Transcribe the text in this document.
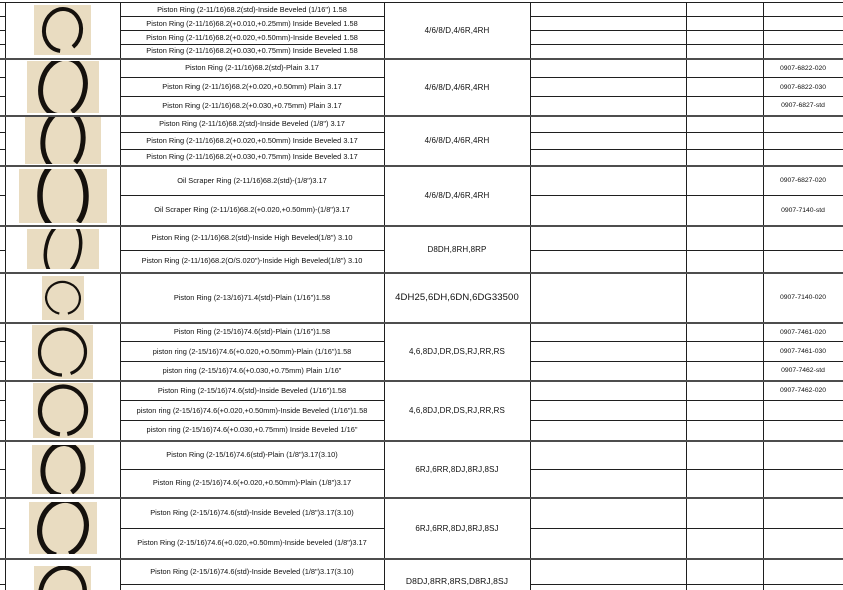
	Piston Ring (2-11/16)68.2(std)-Inside Beveled (1/16") 1.58	4/6/8/D,4/6R,4RH			
		Piston Ring (2-11/16)68.2(+0.010,+0.25mm) Inside Beveled 1.58				
		Piston Ring (2-11/16)68.2(+0.020,+0.50mm)-Inside Beveled 1.58				
		Piston Ring (2-11/16)68.2(+0.030,+0.75mm) Inside Beveled 1.58				

	Piston Ring (2-11/16)68.2(std)-Plain 3.17	4/6/8/D,4/6R,4RH			0907-6822-020
		Piston Ring (2-11/16)68.2(+0.020,+0.50mm) Plain 3.17				0907-6822-030
		Piston Ring (2-11/16)68.2(+0.030,+0.75mm) Plain 3.17				0907-6827-std

	Piston Ring (2-11/16)68.2(std)-Inside Beveled (1/8") 3.17	4/6/8/D,4/6R,4RH			
		Piston Ring (2-11/16)68.2(+0.020,+0.50mm) Inside Beveled 3.17				
		Piston Ring (2-11/16)68.2(+0.030,+0.75mm) Inside Beveled 3.17				

	Oil Scraper Ring (2-11/16)68.2(std)-(1/8")3.17	4/6/8/D,4/6R,4RH			0907-6827-020
		Oil Scraper Ring (2-11/16)68.2(+0.020,+0.50mm)-(1/8")3.17				0907-7140-std

	Piston Ring (2-11/16)68.2(std)-Inside High Beveled(1/8") 3.10	D8DH,8RH,8RP			
		Piston Ring (2-11/16)68.2(O/S.020")-Inside High Beveled(1/8") 3.10				

	Piston Ring (2-13/16)71.4(std)-Plain (1/16")1.58	4DH25,6DH,6DN,6DG33500			0907-7140-020

	Piston Ring (2-15/16)74.6(std)-Plain (1/16")1.58	4,6,8DJ,DR,DS,RJ,RR,RS			0907-7461-020
		piston ring (2-15/16)74.6(+0.020,+0.50mm)-Plain (1/16")1.58				0907-7461-030
		piston ring (2-15/16)74.6(+0.030,+0.75mm) Plain 1/16"				0907-7462-std

	Piston Ring (2-15/16)74.6(std)-Inside Beveled (1/16")1.58	4,6,8DJ,DR,DS,RJ,RR,RS			0907-7462-020
		piston ring (2-15/16)74.6(+0.020,+0.50mm)-Inside Beveled (1/16")1.58				
		piston ring (2-15/16)74.6(+0.030,+0.75mm) Inside Beveled 1/16"				

	Piston Ring (2-15/16)74.6(std)-Plain (1/8")3.17(3.10)	6RJ,6RR,8DJ,8RJ,8SJ			
		Piston Ring (2-15/16)74.6(+0.020,+0.50mm)-Plain (1/8")3.17				

	Piston Ring (2-15/16)74.6(std)-Inside Beveled (1/8")3.17(3.10)	6RJ,6RR,8DJ,8RJ,8SJ			
		Piston Ring (2-15/16)74.6(+0.020,+0.50mm)-Inside beveled (1/8")3.17				

	Piston Ring (2-15/16)74.6(std)-Inside Beveled (1/8")3.17(3.10)	D8DJ,8RR,8RS,D8RJ,8SJ			
